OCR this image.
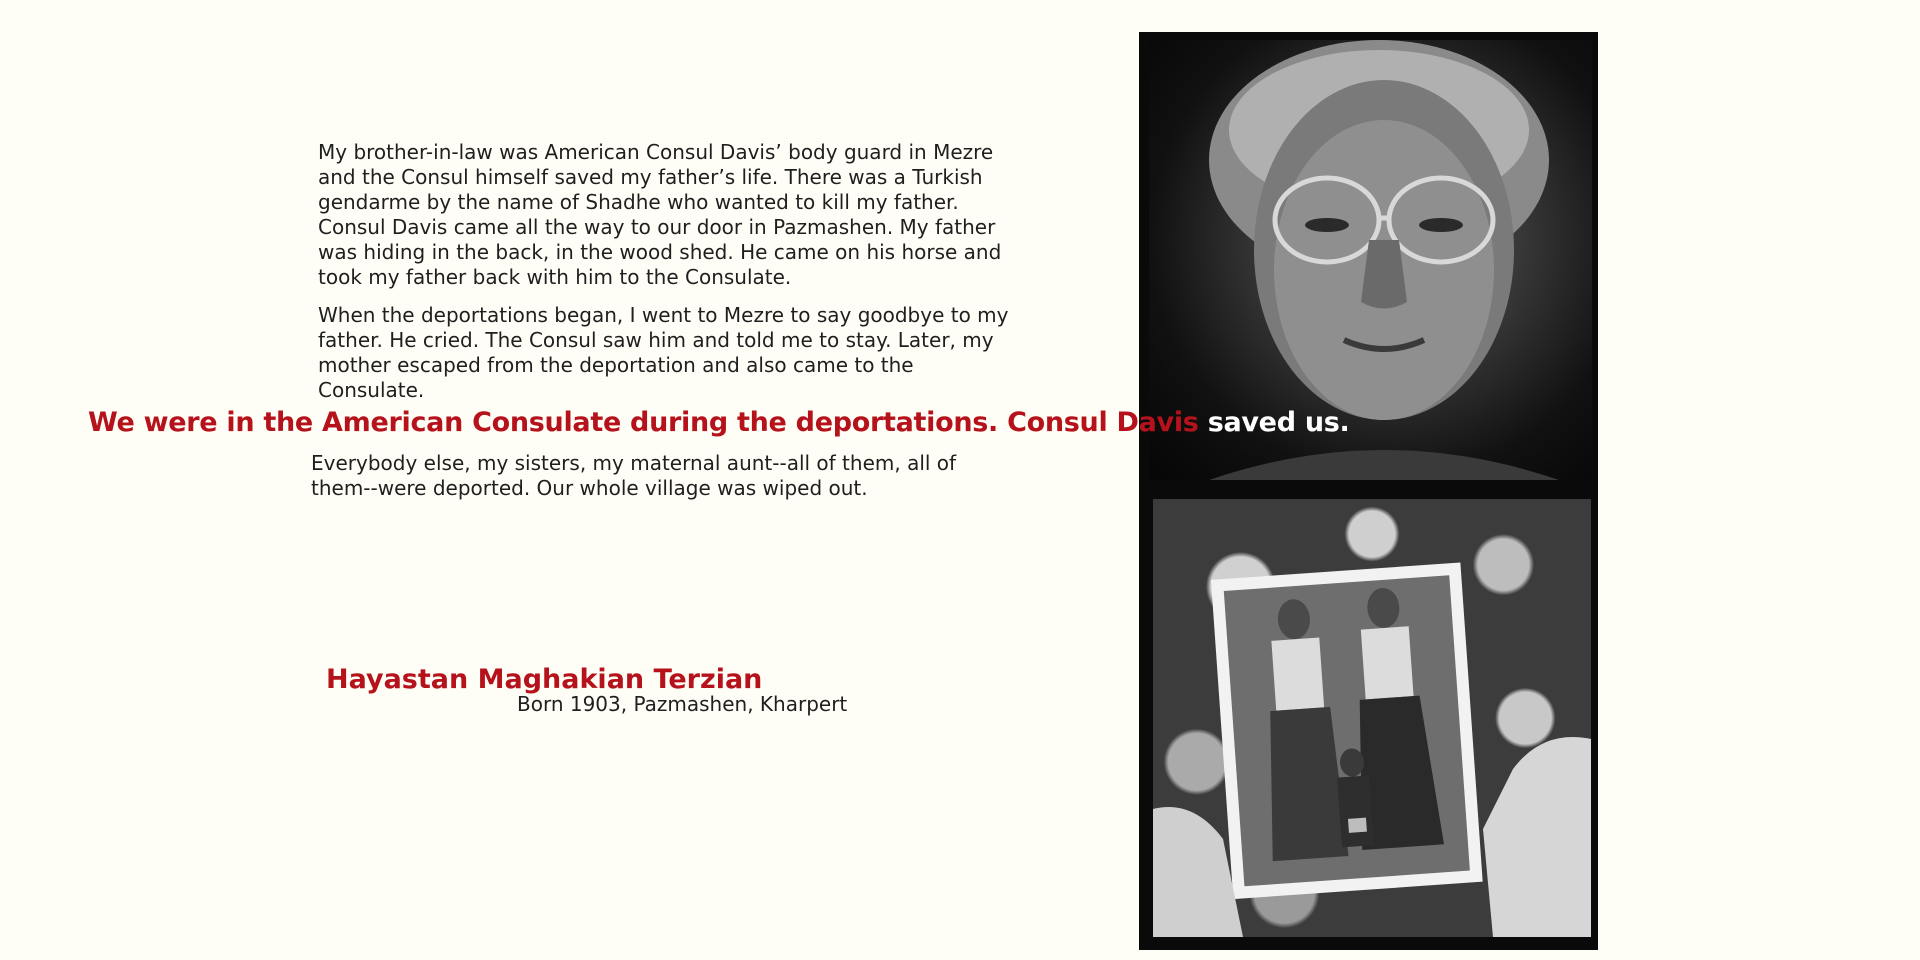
My brother-in-law was American Consul Davis’ body guard in Mezre and the Consul himself saved my father’s life. There was a Turkish gendarme by the name of Shadhe who wanted to kill my father. Consul Davis came all the way to our door in Pazmashen. My father was hiding in the back, in the wood shed. He came on his horse and took my father back with him to the Consulate.

When the deportations began, I went to Mezre to say goodbye to my father. He cried. The Consul saw him and told me to stay. Later, my mother escaped from the deportation and also came to the Consulate.

We were in the American Consulate during the deportations. Consul Davis saved us.

Everybody else, my sisters, my maternal aunt--all of them, all of them--were deported. Our whole village was wiped out.

Hayastan Maghakian Terzian

Born 1903, Pazmashen, Kharpert
